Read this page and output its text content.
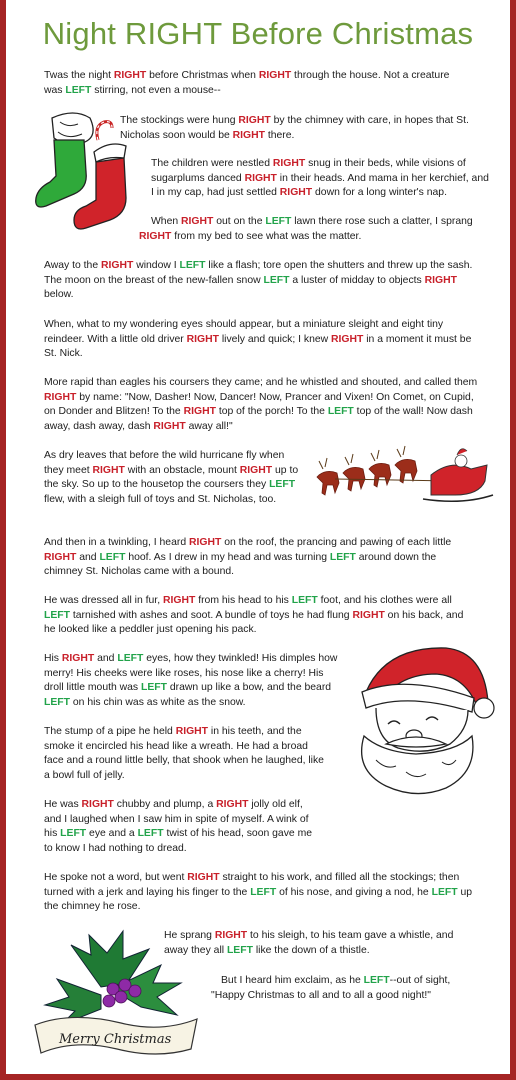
Night RIGHT Before Christmas
Merry Christmas

Twas the night RIGHT before Christmas when RIGHT through the house. Not a creature was LEFT stirring, not even a mouse--

The stockings were hung RIGHT by the chimney with care, in hopes that St. Nicholas soon would be RIGHT there.

The children were nestled RIGHT snug in their beds, while visions of sugarplums danced RIGHT in their heads. And mama in her kerchief, and I in my cap, had just settled RIGHT down for a long winter's nap.

When RIGHT out on the LEFT lawn there rose such a clatter, I sprang RIGHT from my bed to see what was the matter.

Away to the RIGHT window I LEFT like a flash; tore open the shutters and threw up the sash. The moon on the breast of the new-fallen snow LEFT a luster of midday to objects RIGHT below.

When, what to my wondering eyes should appear, but a miniature sleight and eight tiny reindeer. With a little old driver RIGHT lively and quick; I knew RIGHT in a moment it must be St. Nick.

More rapid than eagles his coursers they came; and he whistled and shouted, and called them RIGHT by name: "Now, Dasher! Now, Dancer! Now, Prancer and Vixen! On Comet, on Cupid, on Donder and Blitzen! To the RIGHT top of the porch! To the LEFT top of the wall! Now dash away, dash away, dash RIGHT away all!"

As dry leaves that before the wild hurricane fly when they meet RIGHT with an obstacle, mount RIGHT up to the sky. So up to the housetop the coursers they LEFT flew, with a sleigh full of toys and St. Nicholas, too.

And then in a twinkling, I heard RIGHT on the roof, the prancing and pawing of each little RIGHT and LEFT hoof. As I drew in my head and was turning LEFT around down the chimney St. Nicholas came with a bound.

He was dressed all in fur, RIGHT from his head to his LEFT foot, and his clothes were all LEFT tarnished with ashes and soot. A bundle of toys he had flung RIGHT on his back, and he looked like a peddler just opening his pack.

His RIGHT and LEFT eyes, how they twinkled! His dimples how merry! His cheeks were like roses, his nose like a cherry! His droll little mouth was LEFT drawn up like a bow, and the beard LEFT on his chin was as white as the snow.

The stump of a pipe he held RIGHT in his teeth, and the smoke it encircled his head like a wreath. He had a broad face and a round little belly, that shook when he laughed, like a bowl full of jelly.

He was RIGHT chubby and plump, a RIGHT jolly old elf, and I laughed when I saw him in spite of myself. A wink of his LEFT eye and a LEFT twist of his head, soon gave me to know I had nothing to dread.

He spoke not a word, but went RIGHT straight to his work, and filled all the stockings; then turned with a jerk and laying his finger to the LEFT of his nose, and giving a nod, he LEFT up the chimney he rose.

He sprang RIGHT to his sleigh, to his team gave a whistle, and away they all LEFT like the down of a thistle.

But I heard him exclaim, as he LEFT--out of sight, "Happy Christmas to all and to all a good night!"
